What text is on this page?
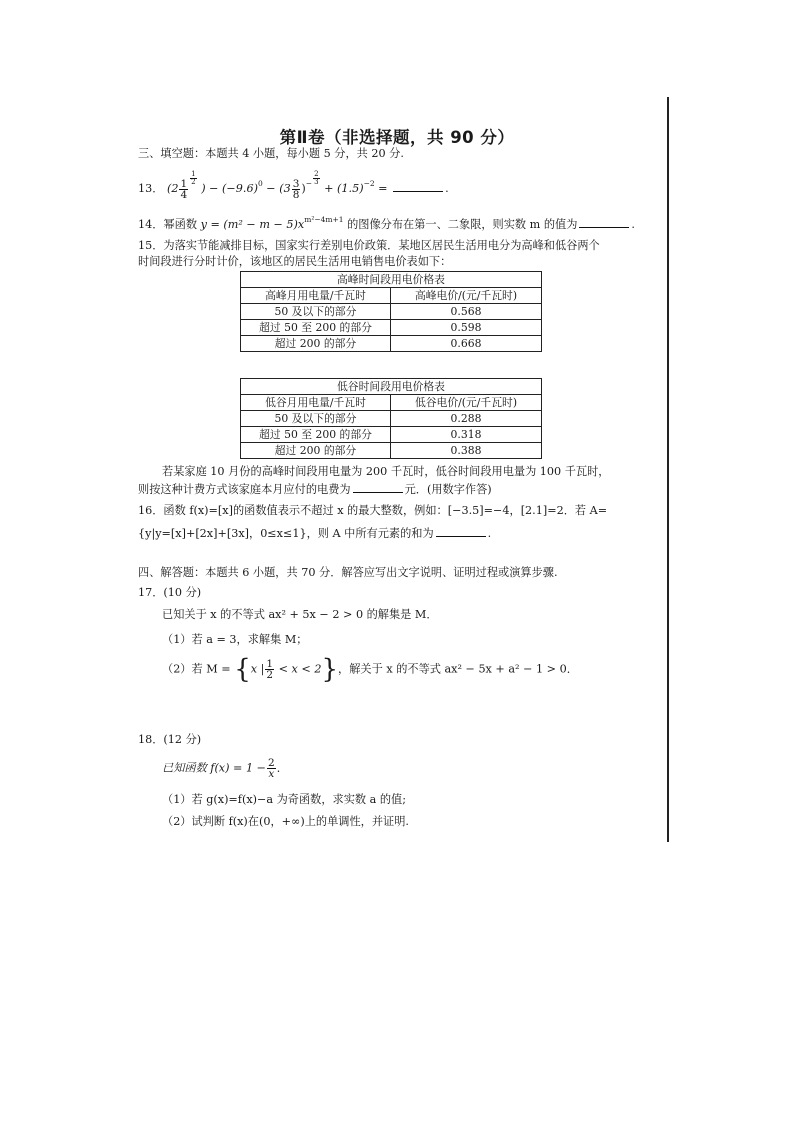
第Ⅱ卷（非选择题，共 90 分）
三、填空题：本题共 4 小题，每小题 5 分，共 20 分.
13． ($2 \frac{1}{4} \frac{1}{2}$
) − $(-9.6)^0 - (3 \frac{3}{8} )^- \frac{2}{3}$
+ $(1.5)^{-2}$ =	.
14．幂函数 $y = (m^2 - m - 5)x^{m^2-4m+1}$ 的图像分布在第一、二象限，则实数 m 的值为	.
15．为落实节能减排目标，国家实行差别电价政策．某地区居民生活用电分为高峰和低谷两个
时间段进行分时计价，该地区的居民生活用电销售电价表如下：
高峰时间段用电价格表	
高峰月用电量/千瓦时	高峰电价/(元/千瓦时)
50 及以下的部分	0.568
超过 50 至 200 的部分	0.598
超过 200 的部分	0.668
低谷时间段用电价格表	
低谷月用电量/千瓦时	低谷电价/(元/千瓦时)
50 及以下的部分	0.288
超过 50 至 200 的部分	0.318
超过 200 的部分	0.388
若某家庭 10 月份的高峰时间段用电量为 200 千瓦时，低谷时间段用电量为 100 千瓦时，
则按这种计费方式该家庭本月应付的电费为	元．(用数字作答)
16．函数 f(x)=[x]的函数值表示不超过 x 的最大整数，例如：[−3.5]=−4，[2.1]=2．若 A=
{y|y=[x]+[2x]+[3x]，0≤x≤1}，则 A 中所有元素的和为	.
四、解答题：本题共 6 小题，共 70 分．解答应写出文字说明、证明过程或演算步骤.
17．(10 分)
已知关于 x 的不等式 ax² + 5x − 2 > 0 的解集是 M．
（1）若 a = 3，求解集 M；
（2）若 M = {x | $\frac{1}{2} < x < 2$}，解关于 x 的不等式 ax² − 5x + a² − 1 > 0．
18．(12 分)
已知函数 $f(x) = 1 - \frac{2}{x}$ ．
（1）若 g(x)=f(x)−a 为奇函数，求实数 a 的值;
（2）试判断 f(x)在(0，+∞)上的单调性，并证明.
